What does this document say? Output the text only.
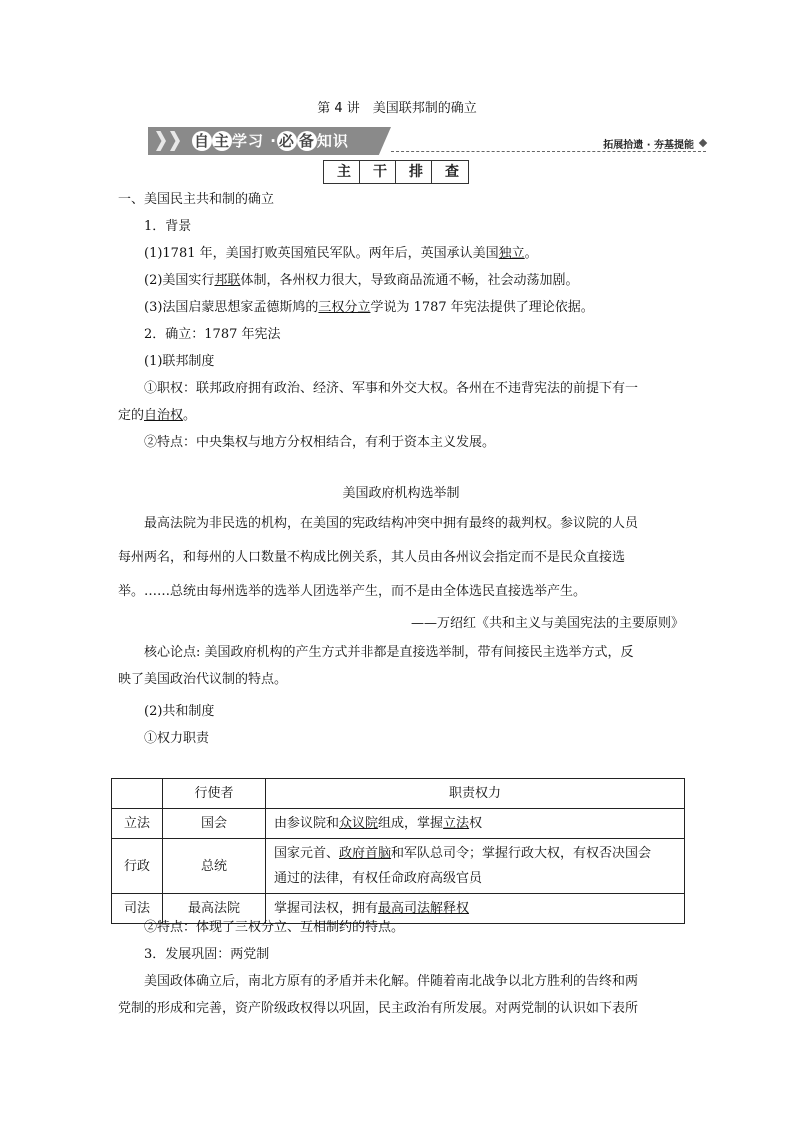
第 4 讲　美国联邦制的确立
自 主 学习 · 必 备 知识	拓展拾遗 · 夯基提能
主 干 排 查
一、美国民主共和制的确立
1．背景
(1)1781 年，美国打败英国殖民军队。两年后，英国承认美国独立。
(2)美国实行邦联体制，各州权力很大，导致商品流通不畅，社会动荡加剧。
(3)法国启蒙思想家孟德斯鸠的三权分立学说为 1787 年宪法提供了理论依据。
2．确立：1787 年宪法
(1)联邦制度
①职权：联邦政府拥有政治、经济、军事和外交大权。各州在不违背宪法的前提下有一
定的自治权。
②特点：中央集权与地方分权相结合，有利于资本主义发展。
美国政府机构选举制
最高法院为非民选的机构，在美国的宪政结构冲突中拥有最终的裁判权。参议院的人员
每州两名，和每州的人口数量不构成比例关系，其人员由各州议会指定而不是民众直接选
举。……总统由每州选举的选举人团选举产生，而不是由全体选民直接选举产生。
——万绍红《共和主义与美国宪法的主要原则》
核心论点: 美国政府机构的产生方式并非都是直接选举制，带有间接民主选举方式，反
映了美国政治代议制的特点。
(2)共和制度
①权力职责
	行使者	职责权力
立法	国会	由参议院和众议院组成，掌握立法权
行政	总统	国家元首、政府首脑和军队总司令；掌握行政大权，有权否决国会
通过的法律，有权任命政府高级官员
司法	最高法院	掌握司法权，拥有最高司法解释权
②特点：体现了三权分立、互相制约的特点。
3．发展巩固：两党制
美国政体确立后，南北方原有的矛盾并未化解。伴随着南北战争以北方胜利的告终和两
党制的形成和完善，资产阶级政权得以巩固，民主政治有所发展。对两党制的认识如下表所
